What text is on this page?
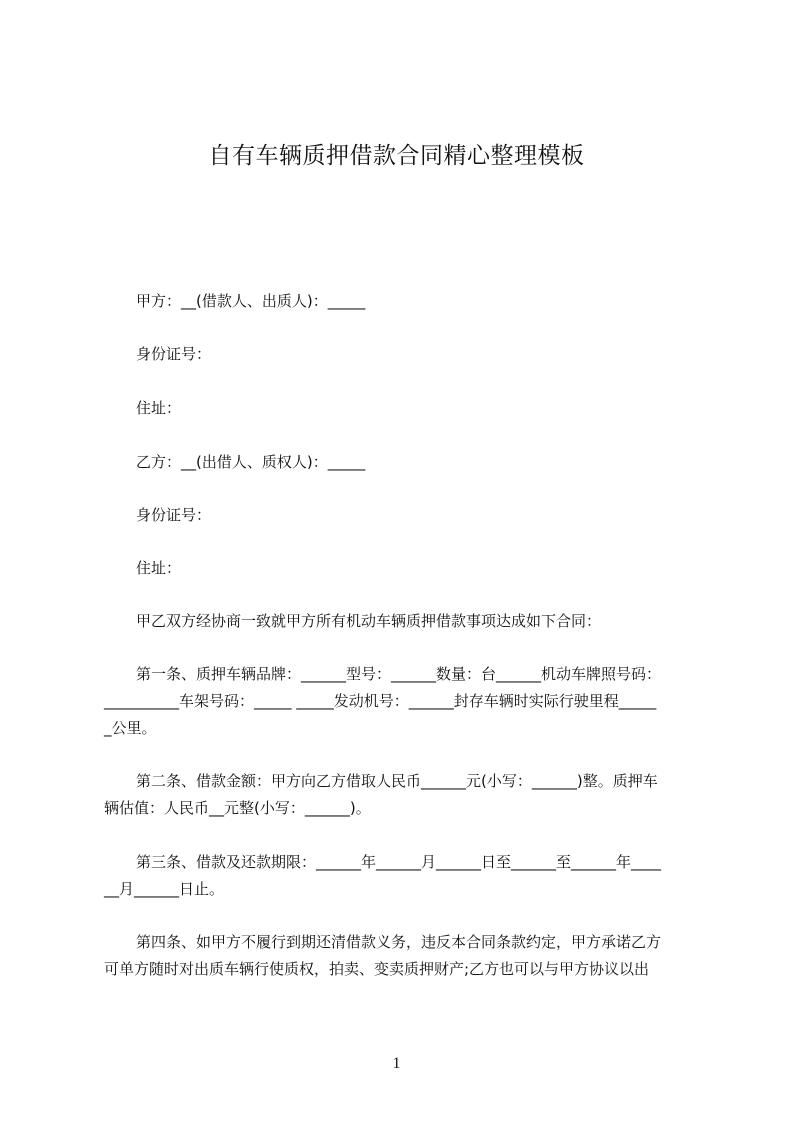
自有车辆质押借款合同精心整理模板

甲方：__(借款人、出质人)：_____

身份证号：

住址：

乙方：__(出借人、质权人)：_____

身份证号：

住址：

甲乙双方经协商一致就甲方所有机动车辆质押借款事项达成如下合同：

第一条、质押车辆品牌：______型号：______数量：台______机动车牌照号码：
__________车架号码：_____ _____发动机号：______封存车辆时实际行驶里程_____
_公里。
第二条、借款金额：甲方向乙方借取人民币______元(小写：______)整。质押车
辆估值：人民币__元整(小写：______)。
第三条、借款及还款期限：______年______月______日至______至______年____
__月______日止。
第四条、如甲方不履行到期还清借款义务，违反本合同条款约定，甲方承诺乙方
可单方随时对出质车辆行使质权，拍卖、变卖质押财产;乙方也可以与甲方协议以出

1
